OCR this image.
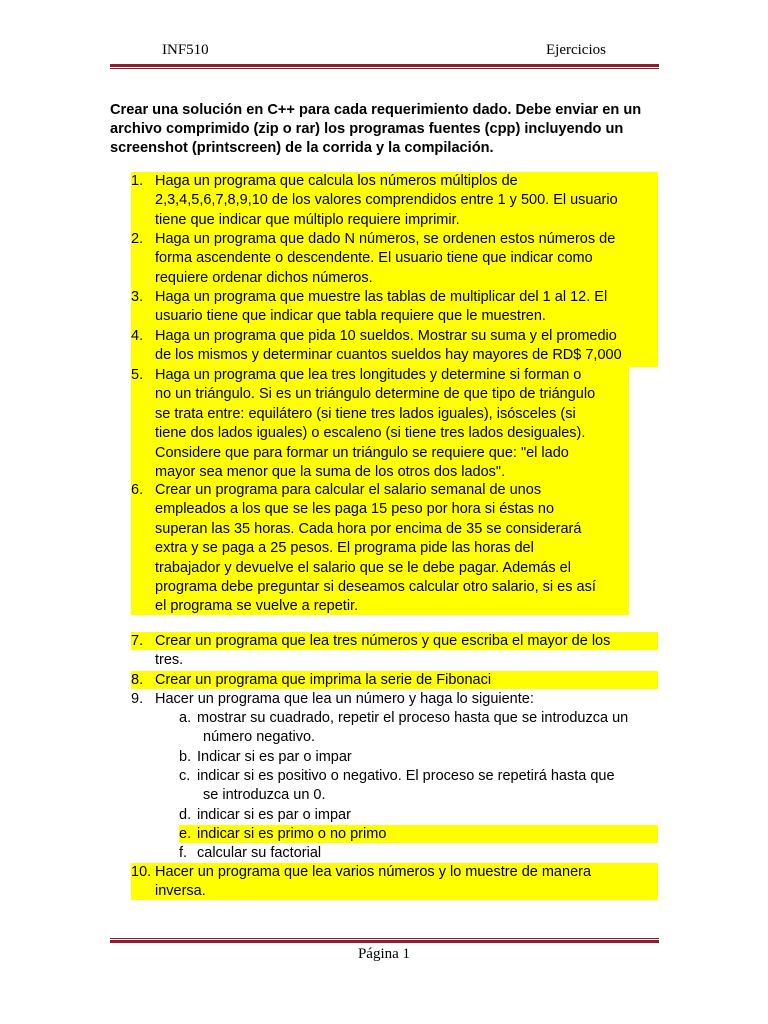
INF510	Ejercicios
Crear una solución en C++ para cada requerimiento dado. Debe enviar en un archivo comprimido (zip o rar) los programas fuentes (cpp) incluyendo un screenshot (printscreen) de la corrida y la compilación.
1. Haga un programa que calcula los números múltiplos de
2,3,4,5,6,7,8,9,10 de los valores comprendidos entre 1 y 500. El usuario
tiene que indicar que múltiplo requiere imprimir.
2. Haga un programa que dado N números, se ordenen estos números de
forma ascendente o descendente. El usuario tiene que indicar como
requiere ordenar dichos números.
3. Haga un programa que muestre las tablas de multiplicar del 1 al 12. El
usuario tiene que indicar que tabla requiere que le muestren.
4. Haga un programa que pida 10 sueldos. Mostrar su suma y el promedio
de los mismos y determinar cuantos sueldos hay mayores de RD$ 7,000
5. Haga un programa que lea tres longitudes y determine si forman o
no un triángulo. Si es un triángulo determine de que tipo de triángulo
se trata entre: equilátero (si tiene tres lados iguales), isósceles (si
tiene dos lados iguales) o escaleno (si tiene tres lados desiguales).
Considere que para formar un triángulo se requiere que: "el lado
mayor sea menor que la suma de los otros dos lados".
6. Crear un programa para calcular el salario semanal de unos
empleados a los que se les paga 15 peso por hora si éstas no
superan las 35 horas. Cada hora por encima de 35 se considerará
extra y se paga a 25 pesos. El programa pide las horas del
trabajador y devuelve el salario que se le debe pagar. Además el
programa debe preguntar si deseamos calcular otro salario, si es así
el programa se vuelve a repetir.
7. Crear un programa que lea tres números y que escriba el mayor de los
tres.
8. Crear un programa que imprima la serie de Fibonaci
9. Hacer un programa que lea un número y haga lo siguiente:
a. mostrar su cuadrado, repetir el proceso hasta que se introduzca un
número negativo.
b. Indicar si es par o impar
c. indicar si es positivo o negativo. El proceso se repetirá hasta que
se introduzca un 0.
d. indicar si es par o impar
e. indicar si es primo o no primo
f. calcular su factorial
10. Hacer un programa que lea varios números y lo muestre de manera
inversa.
Página 1
